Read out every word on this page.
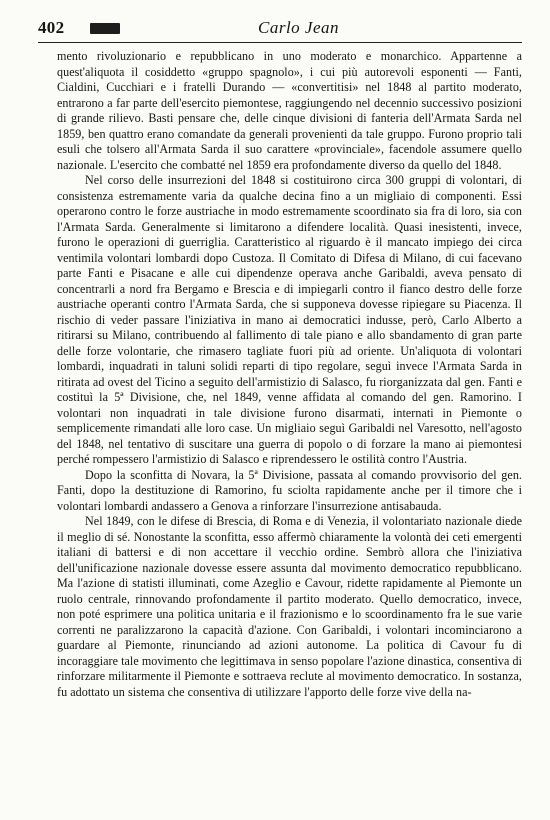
402	Carlo Jean

mento rivoluzionario e repubblicano in uno moderato e monarchico. Appartenne a quest'aliquota il cosiddetto «gruppo spagnolo», i cui più autorevoli esponenti — Fanti, Cialdini, Cucchiari e i fratelli Durando — «convertitisi» nel 1848 al partito moderato, entrarono a far parte dell'esercito piemontese, raggiungendo nel decennio successivo posizioni di grande rilievo. Basti pensare che, delle cinque divisioni di fanteria dell'Armata Sarda nel 1859, ben quattro erano comandate da generali provenienti da tale gruppo. Furono proprio tali esuli che tolsero all'Armata Sarda il suo carattere «provinciale», facendole assumere quello nazionale. L'esercito che combatté nel 1859 era profondamente diverso da quello del 1848.

Nel corso delle insurrezioni del 1848 si costituirono circa 300 gruppi di volontari, di consistenza estremamente varia da qualche decina fino a un migliaio di componenti. Essi operarono contro le forze austriache in modo estremamente scoordinato sia fra di loro, sia con l'Armata Sarda. Generalmente si limitarono a difendere località. Quasi inesistenti, invece, furono le operazioni di guerriglia. Caratteristico al riguardo è il mancato impiego dei circa ventimila volontari lombardi dopo Custoza. Il Comitato di Difesa di Milano, di cui facevano parte Fanti e Pisacane e alle cui dipendenze operava anche Garibaldi, aveva pensato di concentrarli a nord fra Bergamo e Brescia e di impiegarli contro il fianco destro delle forze austriache operanti contro l'Armata Sarda, che si supponeva dovesse ripiegare su Piacenza. Il rischio di veder passare l'iniziativa in mano ai democratici indusse, però, Carlo Alberto a ritirarsi su Milano, contribuendo al fallimento di tale piano e allo sbandamento di gran parte delle forze volontarie, che rimasero tagliate fuori più ad oriente. Un'aliquota di volontari lombardi, inquadrati in taluni solidi reparti di tipo regolare, seguì invece l'Armata Sarda in ritirata ad ovest del Ticino a seguito dell'armistizio di Salasco, fu riorganizzata dal gen. Fanti e costituì la 5ª Divisione, che, nel 1849, venne affidata al comando del gen. Ramorino. I volontari non inquadrati in tale divisione furono disarmati, internati in Piemonte o semplicemente rimandati alle loro case. Un migliaio seguì Garibaldi nel Varesotto, nell'agosto del 1848, nel tentativo di suscitare una guerra di popolo o di forzare la mano ai piemontesi perché rompessero l'armistizio di Salasco e riprendessero le ostilità contro l'Austria.

Dopo la sconfitta di Novara, la 5ª Divisione, passata al comando provvisorio del gen. Fanti, dopo la destituzione di Ramorino, fu sciolta rapidamente anche per il timore che i volontari lombardi andassero a Genova a rinforzare l'insurrezione antisabauda.

Nel 1849, con le difese di Brescia, di Roma e di Venezia, il volontariato nazionale diede il meglio di sé. Nonostante la sconfitta, esso affermò chiaramente la volontà dei ceti emergenti italiani di battersi e di non accettare il vecchio ordine. Sembrò allora che l'iniziativa dell'unificazione nazionale dovesse essere assunta dal movimento democratico repubblicano. Ma l'azione di statisti illuminati, come Azeglio e Cavour, ridette rapidamente al Piemonte un ruolo centrale, rinnovando profondamente il partito moderato. Quello democratico, invece, non poté esprimere una politica unitaria e il frazionismo e lo scoordinamento fra le sue varie correnti ne paralizzarono la capacità d'azione. Con Garibaldi, i volontari incominciarono a guardare al Piemonte, rinunciando ad azioni autonome. La politica di Cavour fu di incoraggiare tale movimento che legittimava in senso popolare l'azione dinastica, consentiva di rinforzare militarmente il Piemonte e sottraeva reclute al movimento democratico. In sostanza, fu adottato un sistema che consentiva di utilizzare l'apporto delle forze vive della na-
